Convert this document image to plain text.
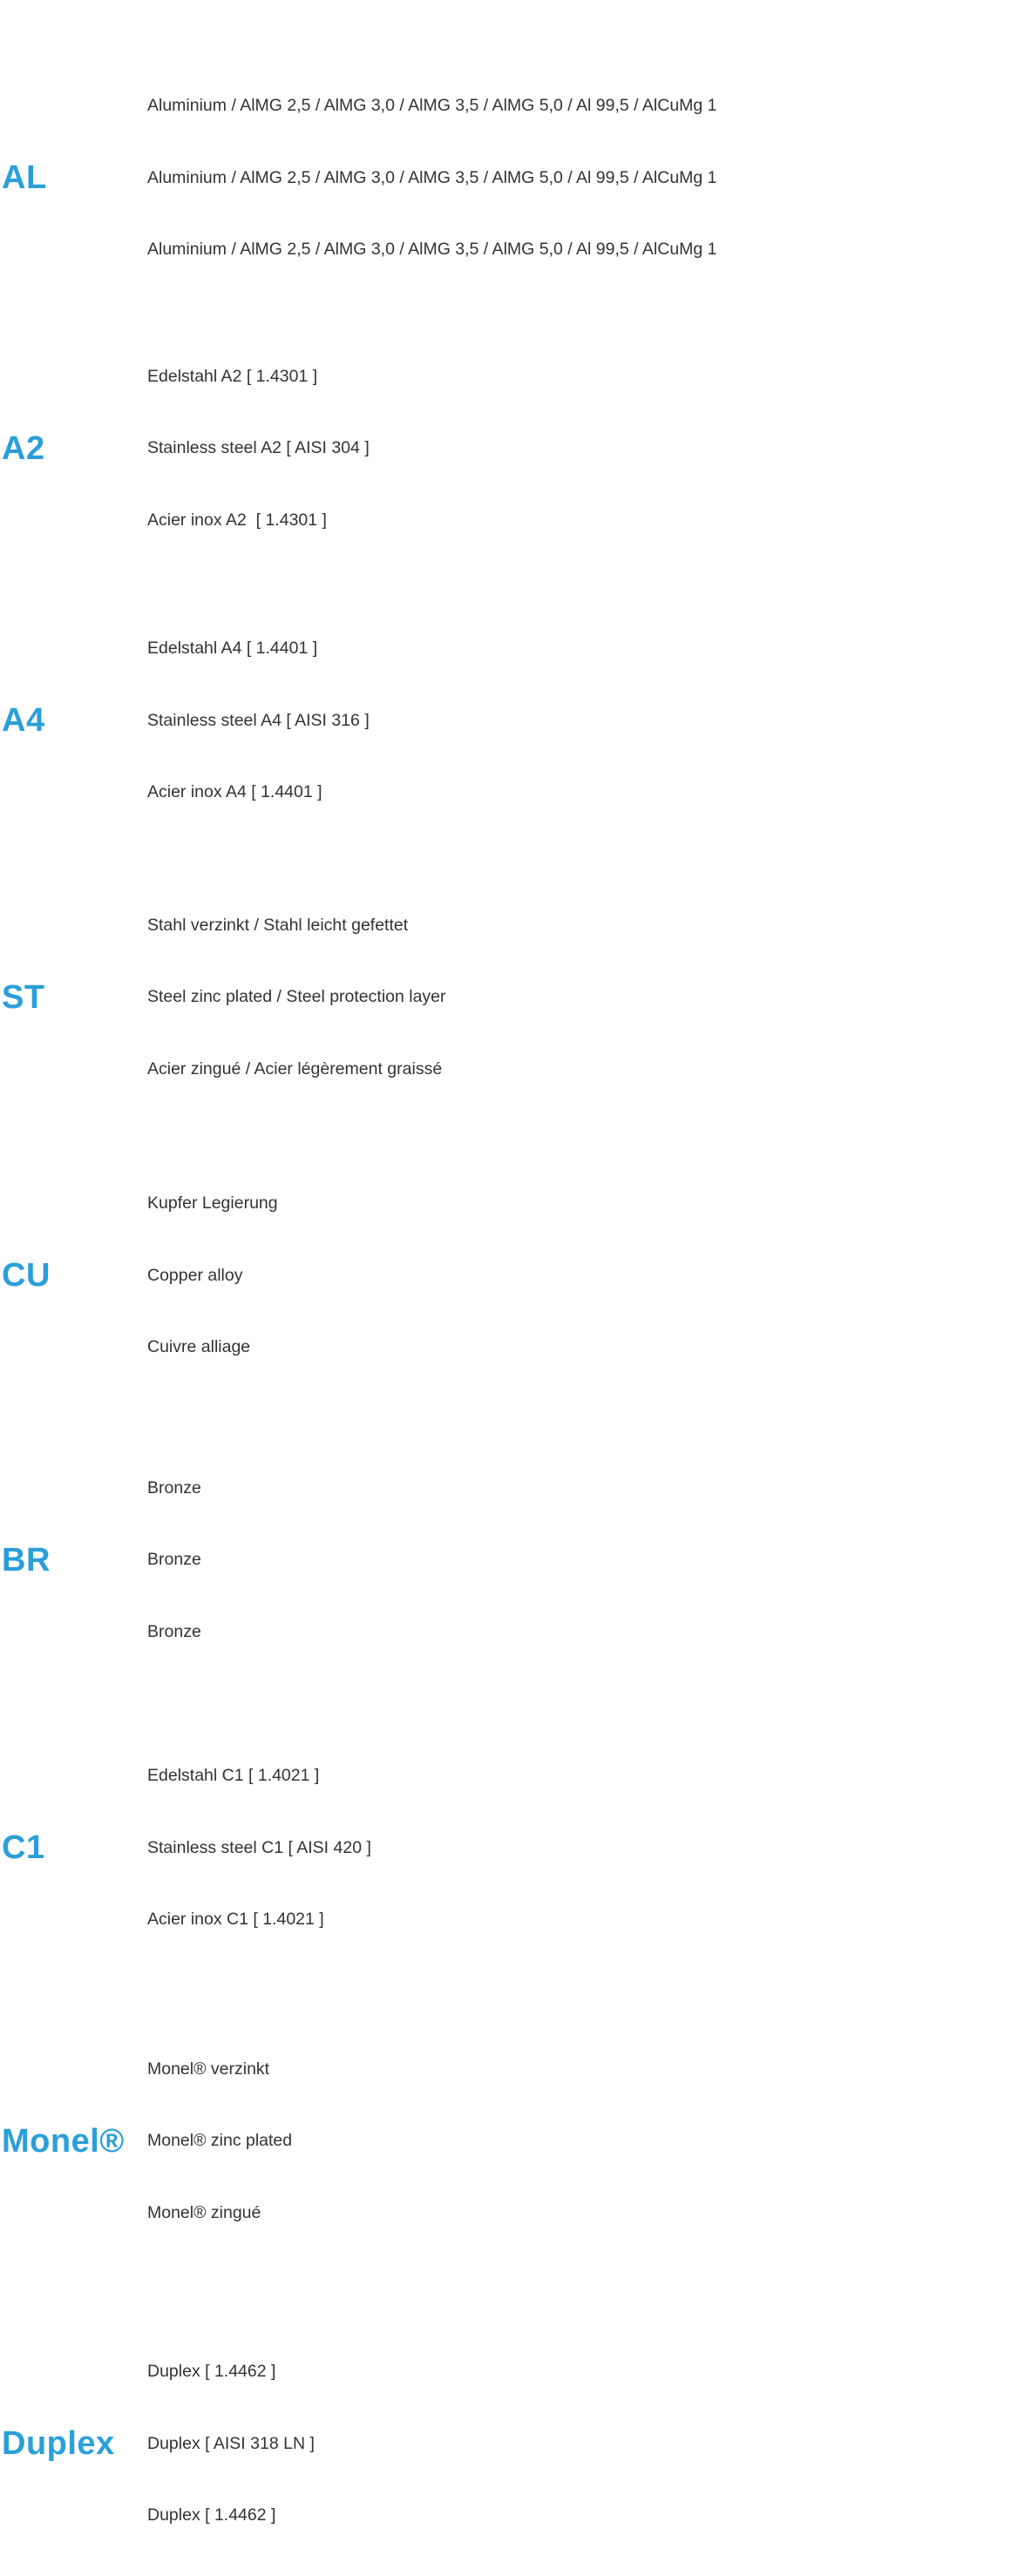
AL

Aluminium / AlMG 2,5 / AlMG 3,0 / AlMG 3,5 / AlMG 5,0 / Al 99,5 / AlCuMg 1

Aluminium / AlMG 2,5 / AlMG 3,0 / AlMG 3,5 / AlMG 5,0 / Al 99,5 / AlCuMg 1

Aluminium / AlMG 2,5 / AlMG 3,0 / AlMG 3,5 / AlMG 5,0 / Al 99,5 / AlCuMg 1

A2

Edelstahl A2 [ 1.4301 ]

Stainless steel A2 [ AISI 304 ]

Acier inox A2  [ 1.4301 ]

A4

Edelstahl A4 [ 1.4401 ]

Stainless steel A4 [ AISI 316 ]

Acier inox A4 [ 1.4401 ]

ST

Stahl verzinkt / Stahl leicht gefettet

Steel zinc plated / Steel protection layer

Acier zingué / Acier légèrement graissé

CU

Kupfer Legierung

Copper alloy

Cuivre alliage

BR

Bronze

Bronze

Bronze

C1

Edelstahl C1 [ 1.4021 ]

Stainless steel C1 [ AISI 420 ]

Acier inox C1 [ 1.4021 ]

Monel®

Monel® verzinkt

Monel® zinc plated

Monel® zingué

Duplex

Duplex [ 1.4462 ]

Duplex [ AISI 318 LN ]

Duplex [ 1.4462 ]
